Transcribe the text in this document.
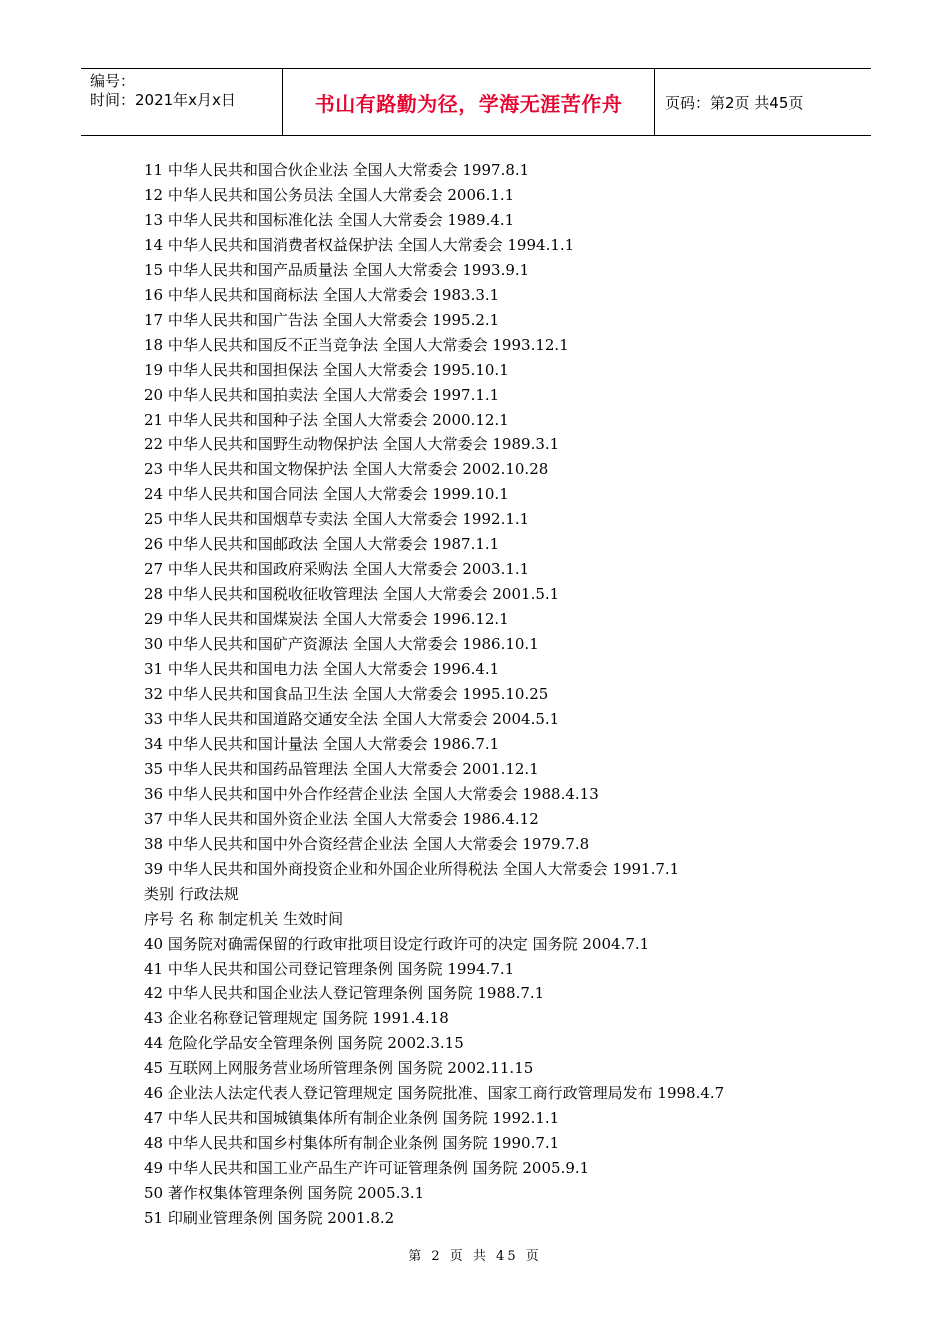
编号：
时间：2021年x月x日	书山有路勤为径，学海无涯苦作舟	页码：第2页 共45页
11 中华人民共和国合伙企业法 全国人大常委会 1997.8.1
12 中华人民共和国公务员法 全国人大常委会 2006.1.1
13 中华人民共和国标准化法 全国人大常委会 1989.4.1
14 中华人民共和国消费者权益保护法 全国人大常委会 1994.1.1
15 中华人民共和国产品质量法 全国人大常委会 1993.9.1
16 中华人民共和国商标法 全国人大常委会 1983.3.1
17 中华人民共和国广告法 全国人大常委会 1995.2.1
18 中华人民共和国反不正当竞争法 全国人大常委会 1993.12.1
19 中华人民共和国担保法 全国人大常委会 1995.10.1
20 中华人民共和国拍卖法 全国人大常委会 1997.1.1
21 中华人民共和国种子法 全国人大常委会 2000.12.1
22 中华人民共和国野生动物保护法 全国人大常委会 1989.3.1
23 中华人民共和国文物保护法 全国人大常委会 2002.10.28
24 中华人民共和国合同法 全国人大常委会 1999.10.1
25 中华人民共和国烟草专卖法 全国人大常委会 1992.1.1
26 中华人民共和国邮政法 全国人大常委会 1987.1.1
27 中华人民共和国政府采购法 全国人大常委会 2003.1.1
28 中华人民共和国税收征收管理法 全国人大常委会 2001.5.1
29 中华人民共和国煤炭法 全国人大常委会 1996.12.1
30 中华人民共和国矿产资源法 全国人大常委会 1986.10.1
31 中华人民共和国电力法 全国人大常委会 1996.4.1
32 中华人民共和国食品卫生法 全国人大常委会 1995.10.25
33 中华人民共和国道路交通安全法 全国人大常委会 2004.5.1
34 中华人民共和国计量法 全国人大常委会 1986.7.1
35 中华人民共和国药品管理法 全国人大常委会 2001.12.1
36 中华人民共和国中外合作经营企业法 全国人大常委会 1988.4.13
37 中华人民共和国外资企业法 全国人大常委会 1986.4.12
38 中华人民共和国中外合资经营企业法 全国人大常委会 1979.7.8
39 中华人民共和国外商投资企业和外国企业所得税法 全国人大常委会 1991.7.1
类别 行政法规
序号 名 称 制定机关 生效时间
40 国务院对确需保留的行政审批项目设定行政许可的决定 国务院 2004.7.1
41 中华人民共和国公司登记管理条例 国务院 1994.7.1
42 中华人民共和国企业法人登记管理条例 国务院 1988.7.1
43 企业名称登记管理规定 国务院 1991.4.18
44 危险化学品安全管理条例 国务院 2002.3.15
45 互联网上网服务营业场所管理条例 国务院 2002.11.15
46 企业法人法定代表人登记管理规定 国务院批准、国家工商行政管理局发布 1998.4.7
47 中华人民共和国城镇集体所有制企业条例 国务院 1992.1.1
48 中华人民共和国乡村集体所有制企业条例 国务院 1990.7.1
49 中华人民共和国工业产品生产许可证管理条例 国务院 2005.9.1
50 著作权集体管理条例 国务院 2005.3.1
51 印刷业管理条例 国务院 2001.8.2
第 2 页 共 45 页
